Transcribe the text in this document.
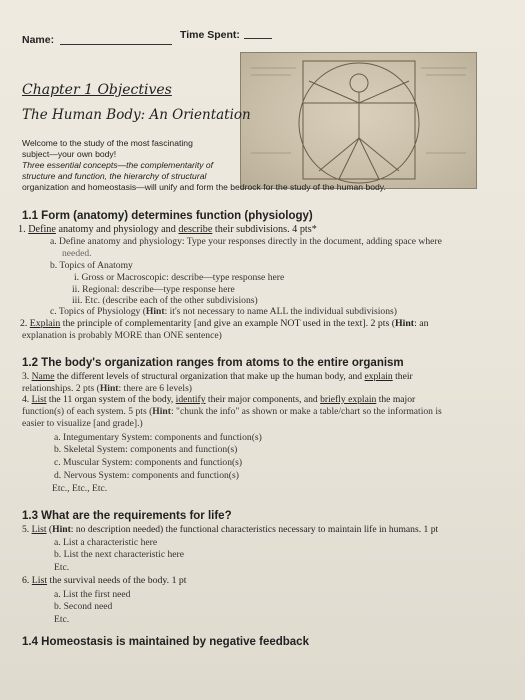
Name:	Time Spent:
Chapter 1 Objectives
The Human Body: An Orientation
Welcome to the study of the most fascinating
subject—your own body!
Three essential concepts—the complementarity of
structure and function, the hierarchy of structural
organization and homeostasis—will unify and form the bedrock for the study of the human body.
1.1 Form (anatomy) determines function (physiology)
1. Define anatomy and physiology and describe their subdivisions. 4 pts*
a. Define anatomy and physiology: Type your responses directly in the document, adding space where
needed.
b. Topics of Anatomy
i. Gross or Macroscopic: describe—type response here
ii. Regional: describe—type response here
iii. Etc. (describe each of the other subdivisions)
c. Topics of Physiology (Hint: it's not necessary to name ALL the individual subdivisions)
2. Explain the principle of complementarity [and give an example NOT used in the text]. 2 pts (Hint: an
explanation is probably MORE than ONE sentence)
1.2 The body's organization ranges from atoms to the entire organism
3. Name the different levels of structural organization that make up the human body, and explain their
relationships. 2 pts (Hint: there are 6 levels)
4. List the 11 organ system of the body, identify their major components, and briefly explain the major
function(s) of each system. 5 pts (Hint: "chunk the info" as shown or make a table/chart so the information is
easier to visualize [and grade].)
a. Integumentary System: components and function(s)
b. Skeletal System: components and function(s)
c. Muscular System: components and function(s)
d. Nervous System: components and function(s)
Etc., Etc., Etc.
1.3 What are the requirements for life?
5. List (Hint: no description needed) the functional characteristics necessary to maintain life in humans. 1 pt
a. List a characteristic here
b. List the next characteristic here
Etc.
6. List the survival needs of the body. 1 pt
a. List the first need
b. Second need
Etc.
1.4 Homeostasis is maintained by negative feedback
